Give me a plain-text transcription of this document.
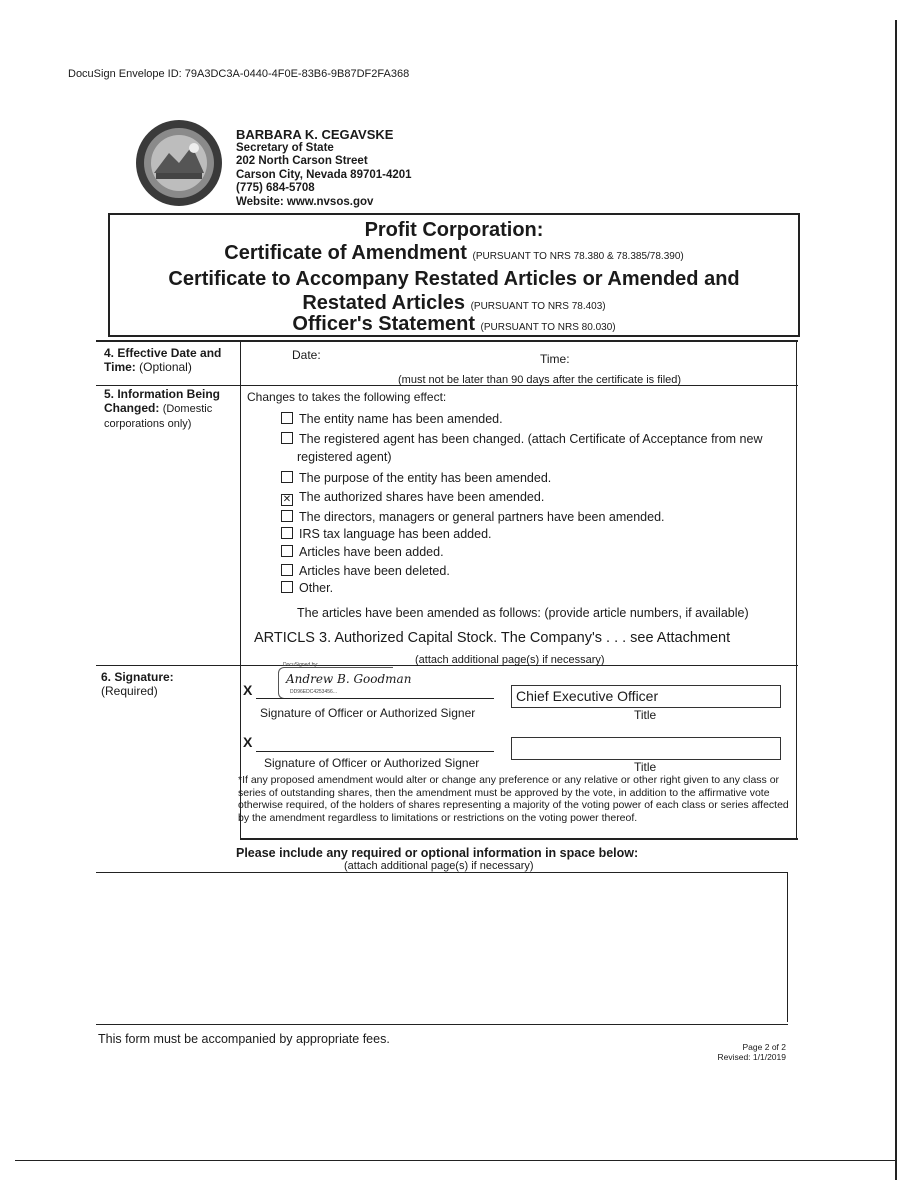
DocuSign Envelope ID: 79A3DC3A-0440-4F0E-83B6-9B87DF2FA368
BARBARA K. CEGAVSKE
Secretary of State
202 North Carson Street
Carson City, Nevada 89701-4201
(775) 684-5708
Website: www.nvsos.gov
Profit Corporation:
Certificate of Amendment (PURSUANT TO NRS 78.380 & 78.385/78.390)
Certificate to Accompany Restated Articles or Amended and
Restated Articles (PURSUANT TO NRS 78.403)
Officer's Statement (PURSUANT TO NRS 80.030)
4. Effective Date and Time: (Optional)
Date:	Time:
(must not be later than 90 days after the certificate is filed)
5. Information Being Changed: (Domestic corporations only)
Changes to takes the following effect:
The entity name has been amended.
The registered agent has been changed. (attach Certificate of Acceptance from new
registered agent)
The purpose of the entity has been amended.
✕ The authorized shares have been amended.
The directors, managers or general partners have been amended.
IRS tax language has been added.
Articles have been added.
Articles have been deleted.
Other.
The articles have been amended as follows: (provide article numbers, if available)
ARTICLS 3. Authorized Capital Stock. The Company's . . . see Attachment
(attach additional page(s) if necessary)
6. Signature:
(Required)	X
DocuSigned by:
Andrew B. Goodman
DD96EDC4253456...
Signature of Officer or Authorized Signer
Chief Executive Officer
Title
X
Signature of Officer or Authorized Signer	Title
*If any proposed amendment would alter or change any preference or any relative or other right given to any class or series of outstanding shares, then the amendment must be approved by the vote, in addition to the affirmative vote otherwise required, of the holders of shares representing a majority of the voting power of each class or series affected by the amendment regardless to limitations or restrictions on the voting power thereof.
Please include any required or optional information in space below:
(attach additional page(s) if necessary)
This form must be accompanied by appropriate fees.
Page 2 of 2
Revised: 1/1/2019
